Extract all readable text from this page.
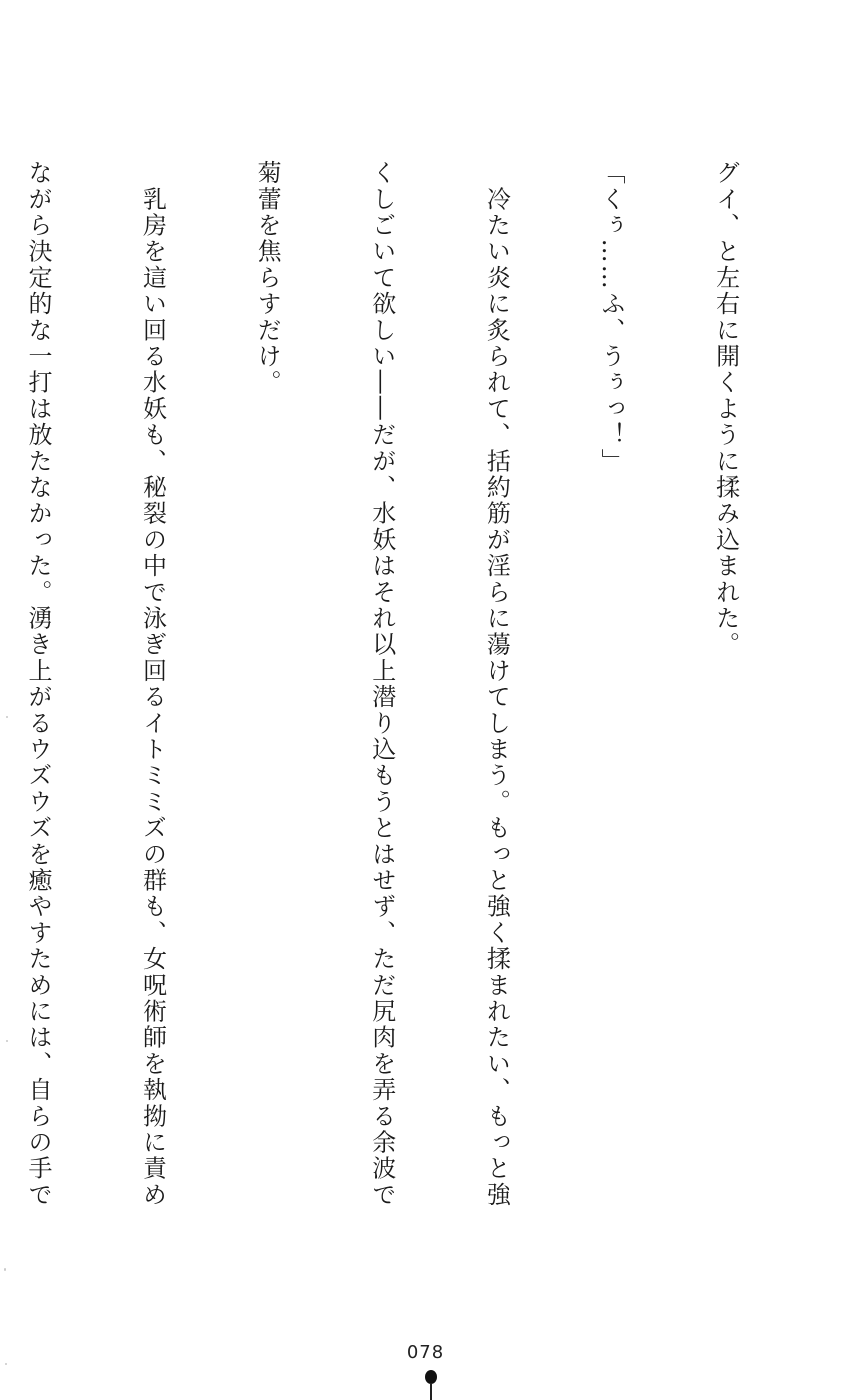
グイ、と左右に開くように揉み込まれた。

「くぅ……ふ、うぅっ！」

　冷たい炎に炙られて、括約筋が淫らに蕩けてしまう。もっと強く揉まれたい、もっと強

くしごいて欲しい――だが、水妖はそれ以上潜り込もうとはせず、ただ尻肉を弄る余波で

菊蕾を焦らすだけ。

　乳房を這い回る水妖も、秘裂の中で泳ぎ回るイトミミズの群も、女呪術師を執拗に責め

ながら決定的な一打は放たなかった。湧き上がるウズウズを癒やすためには、自らの手で

078
